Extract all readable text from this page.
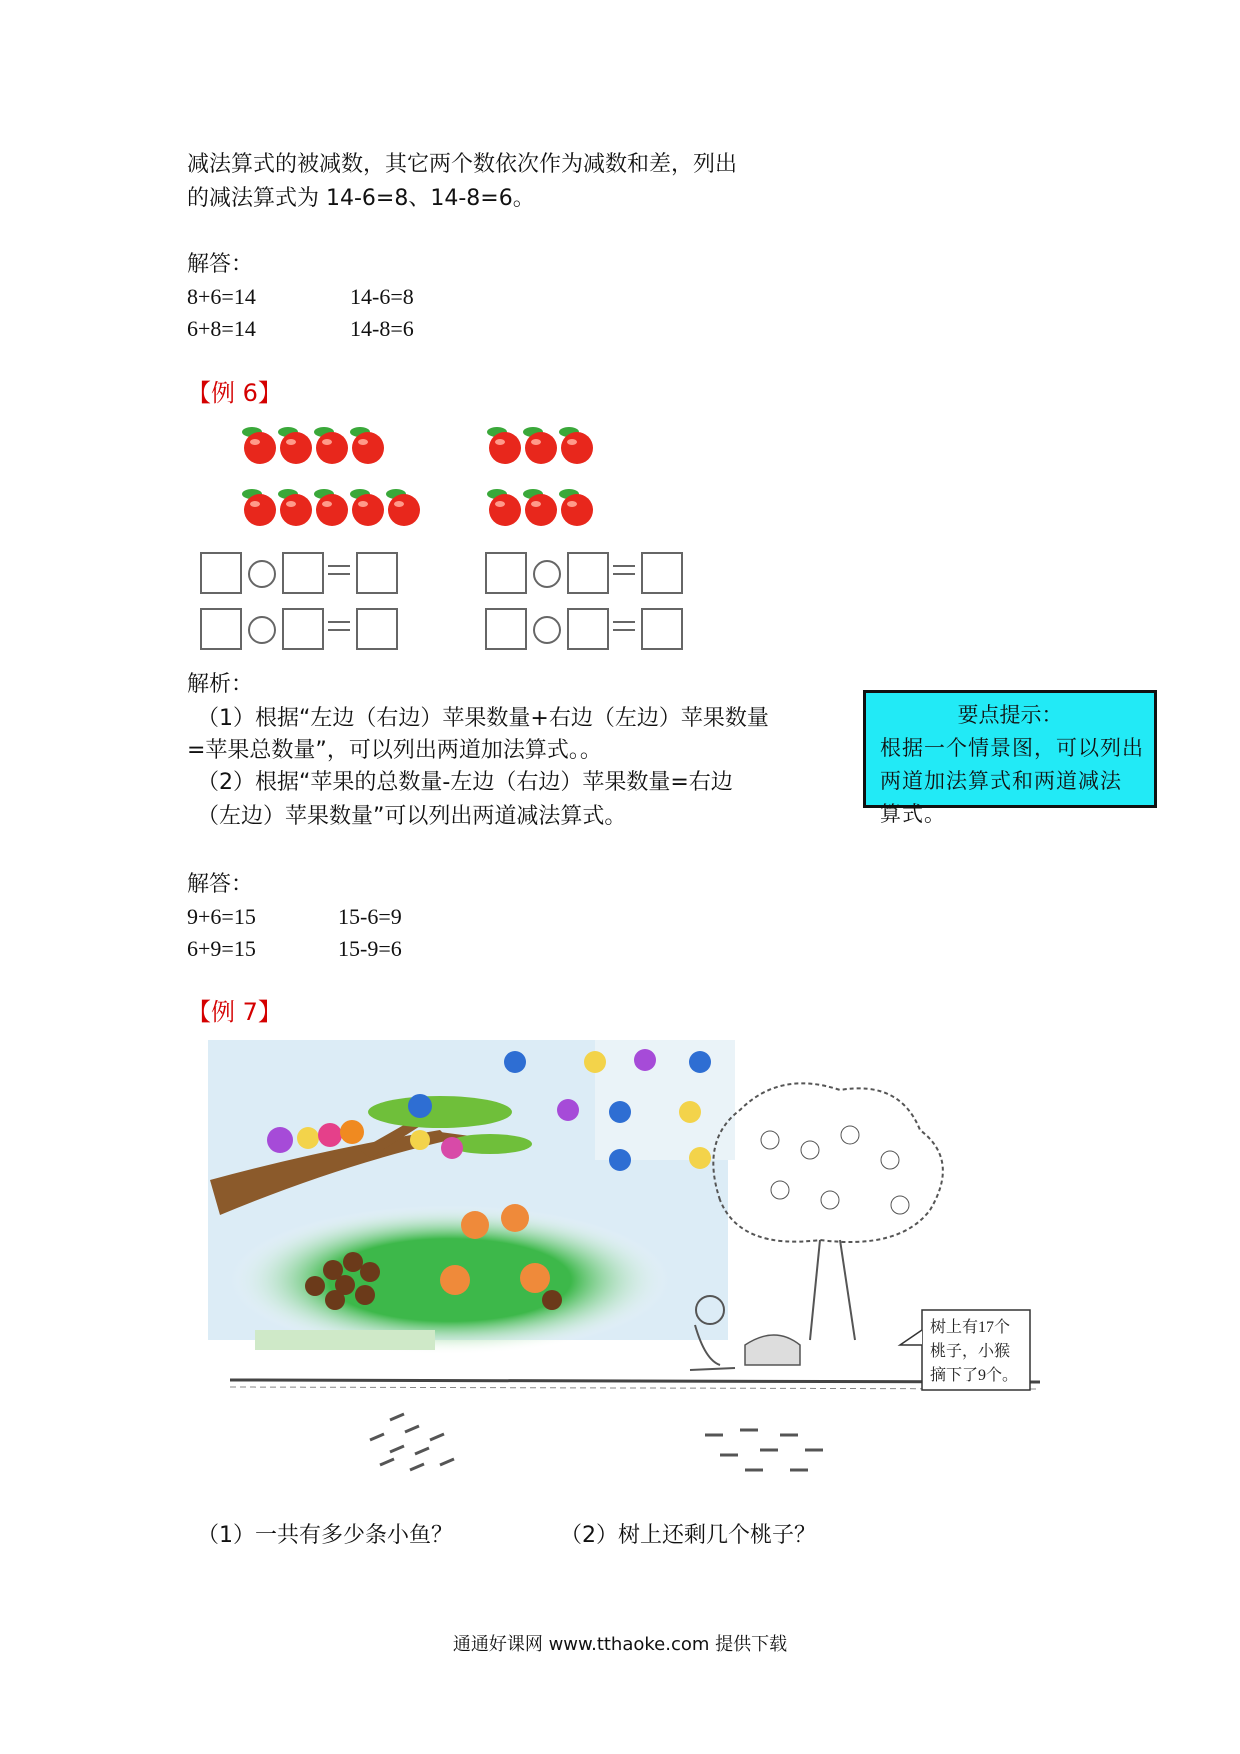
减法算式的被减数，其它两个数依次作为减数和差，列出
的减法算式为 14-6=8、14-8=6。
解答：
8+6=14	14-6=8
6+8=14	14-8=6
【例 6】
解析：
（1）根据“左边（右边）苹果数量+右边（左边）苹果数量
=苹果总数量”，可以列出两道加法算式。。
（2）根据“苹果的总数量-左边（右边）苹果数量=右边
（左边）苹果数量”可以列出两道减法算式。
要点提示：
根据一个情景图，可以列出
两道加法算式和两道减法
算式。
解答：
9+6=15	15-6=9
6+9=15	15-9=6
【例 7】
树上有17个
桃子，小猴
摘下了9个。
（1）一共有多少条小鱼？	（2）树上还剩几个桃子？
通通好课网 www.tthaoke.com 提供下载
